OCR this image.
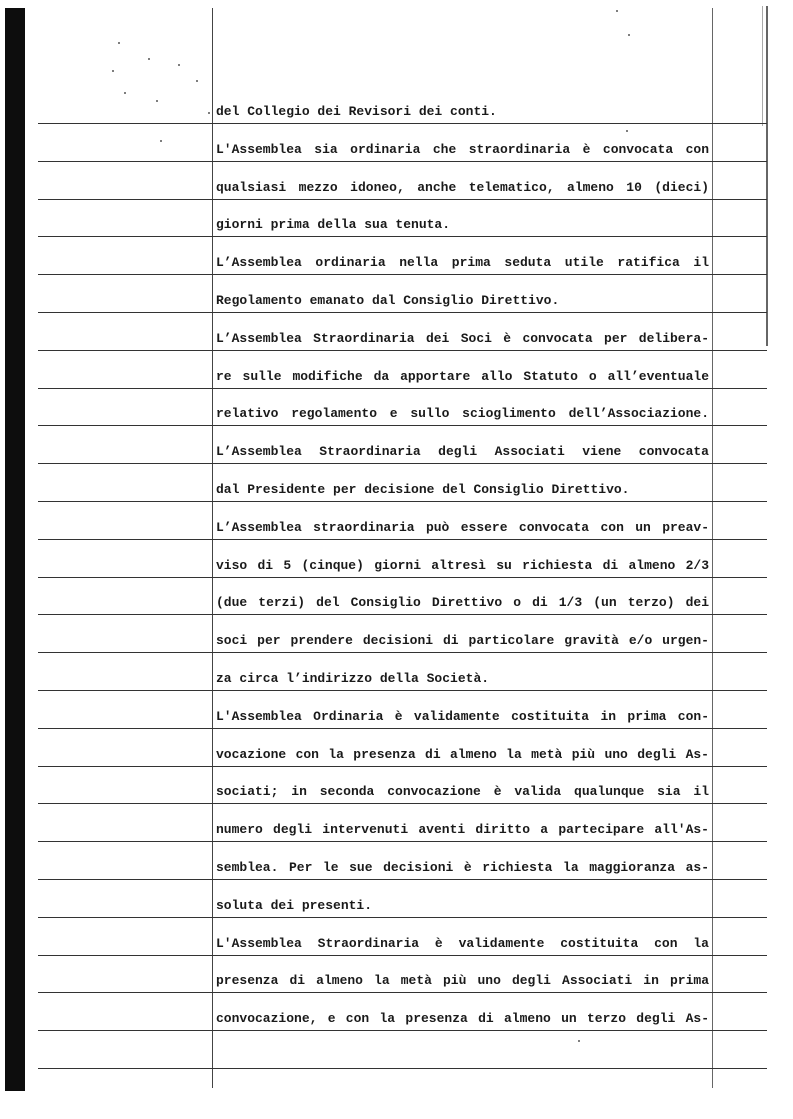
del Collegio dei Revisori dei conti.
L'Assemblea sia ordinaria che straordinaria è convocata con
qualsiasi mezzo idoneo, anche telematico, almeno 10 (dieci)
giorni prima della sua tenuta.
L’Assemblea ordinaria nella prima seduta utile ratifica il
Regolamento emanato dal Consiglio Direttivo.
L’Assemblea Straordinaria dei Soci è convocata per delibera-
re sulle modifiche da apportare allo Statuto o all’eventuale
relativo regolamento e sullo scioglimento dell’Associazione.
L’Assemblea Straordinaria degli Associati viene convocata
dal Presidente per decisione del Consiglio Direttivo.
L’Assemblea straordinaria può essere convocata con un preav-
viso di 5 (cinque) giorni altresì su richiesta di almeno 2/3
(due terzi) del Consiglio Direttivo o di 1/3 (un terzo) dei
soci per prendere decisioni di particolare gravità e/o urgen-
za circa l’indirizzo della Società.
L'Assemblea Ordinaria è validamente costituita in prima con-
vocazione con la presenza di almeno la metà più uno degli As-
sociati; in seconda convocazione è valida qualunque sia il
numero degli intervenuti aventi diritto a partecipare all'As-
semblea. Per le sue decisioni è richiesta la maggioranza as-
soluta dei presenti.
L'Assemblea Straordinaria è validamente costituita con la
presenza di almeno la metà più uno degli Associati in prima
convocazione, e con la presenza di almeno un terzo degli As-
